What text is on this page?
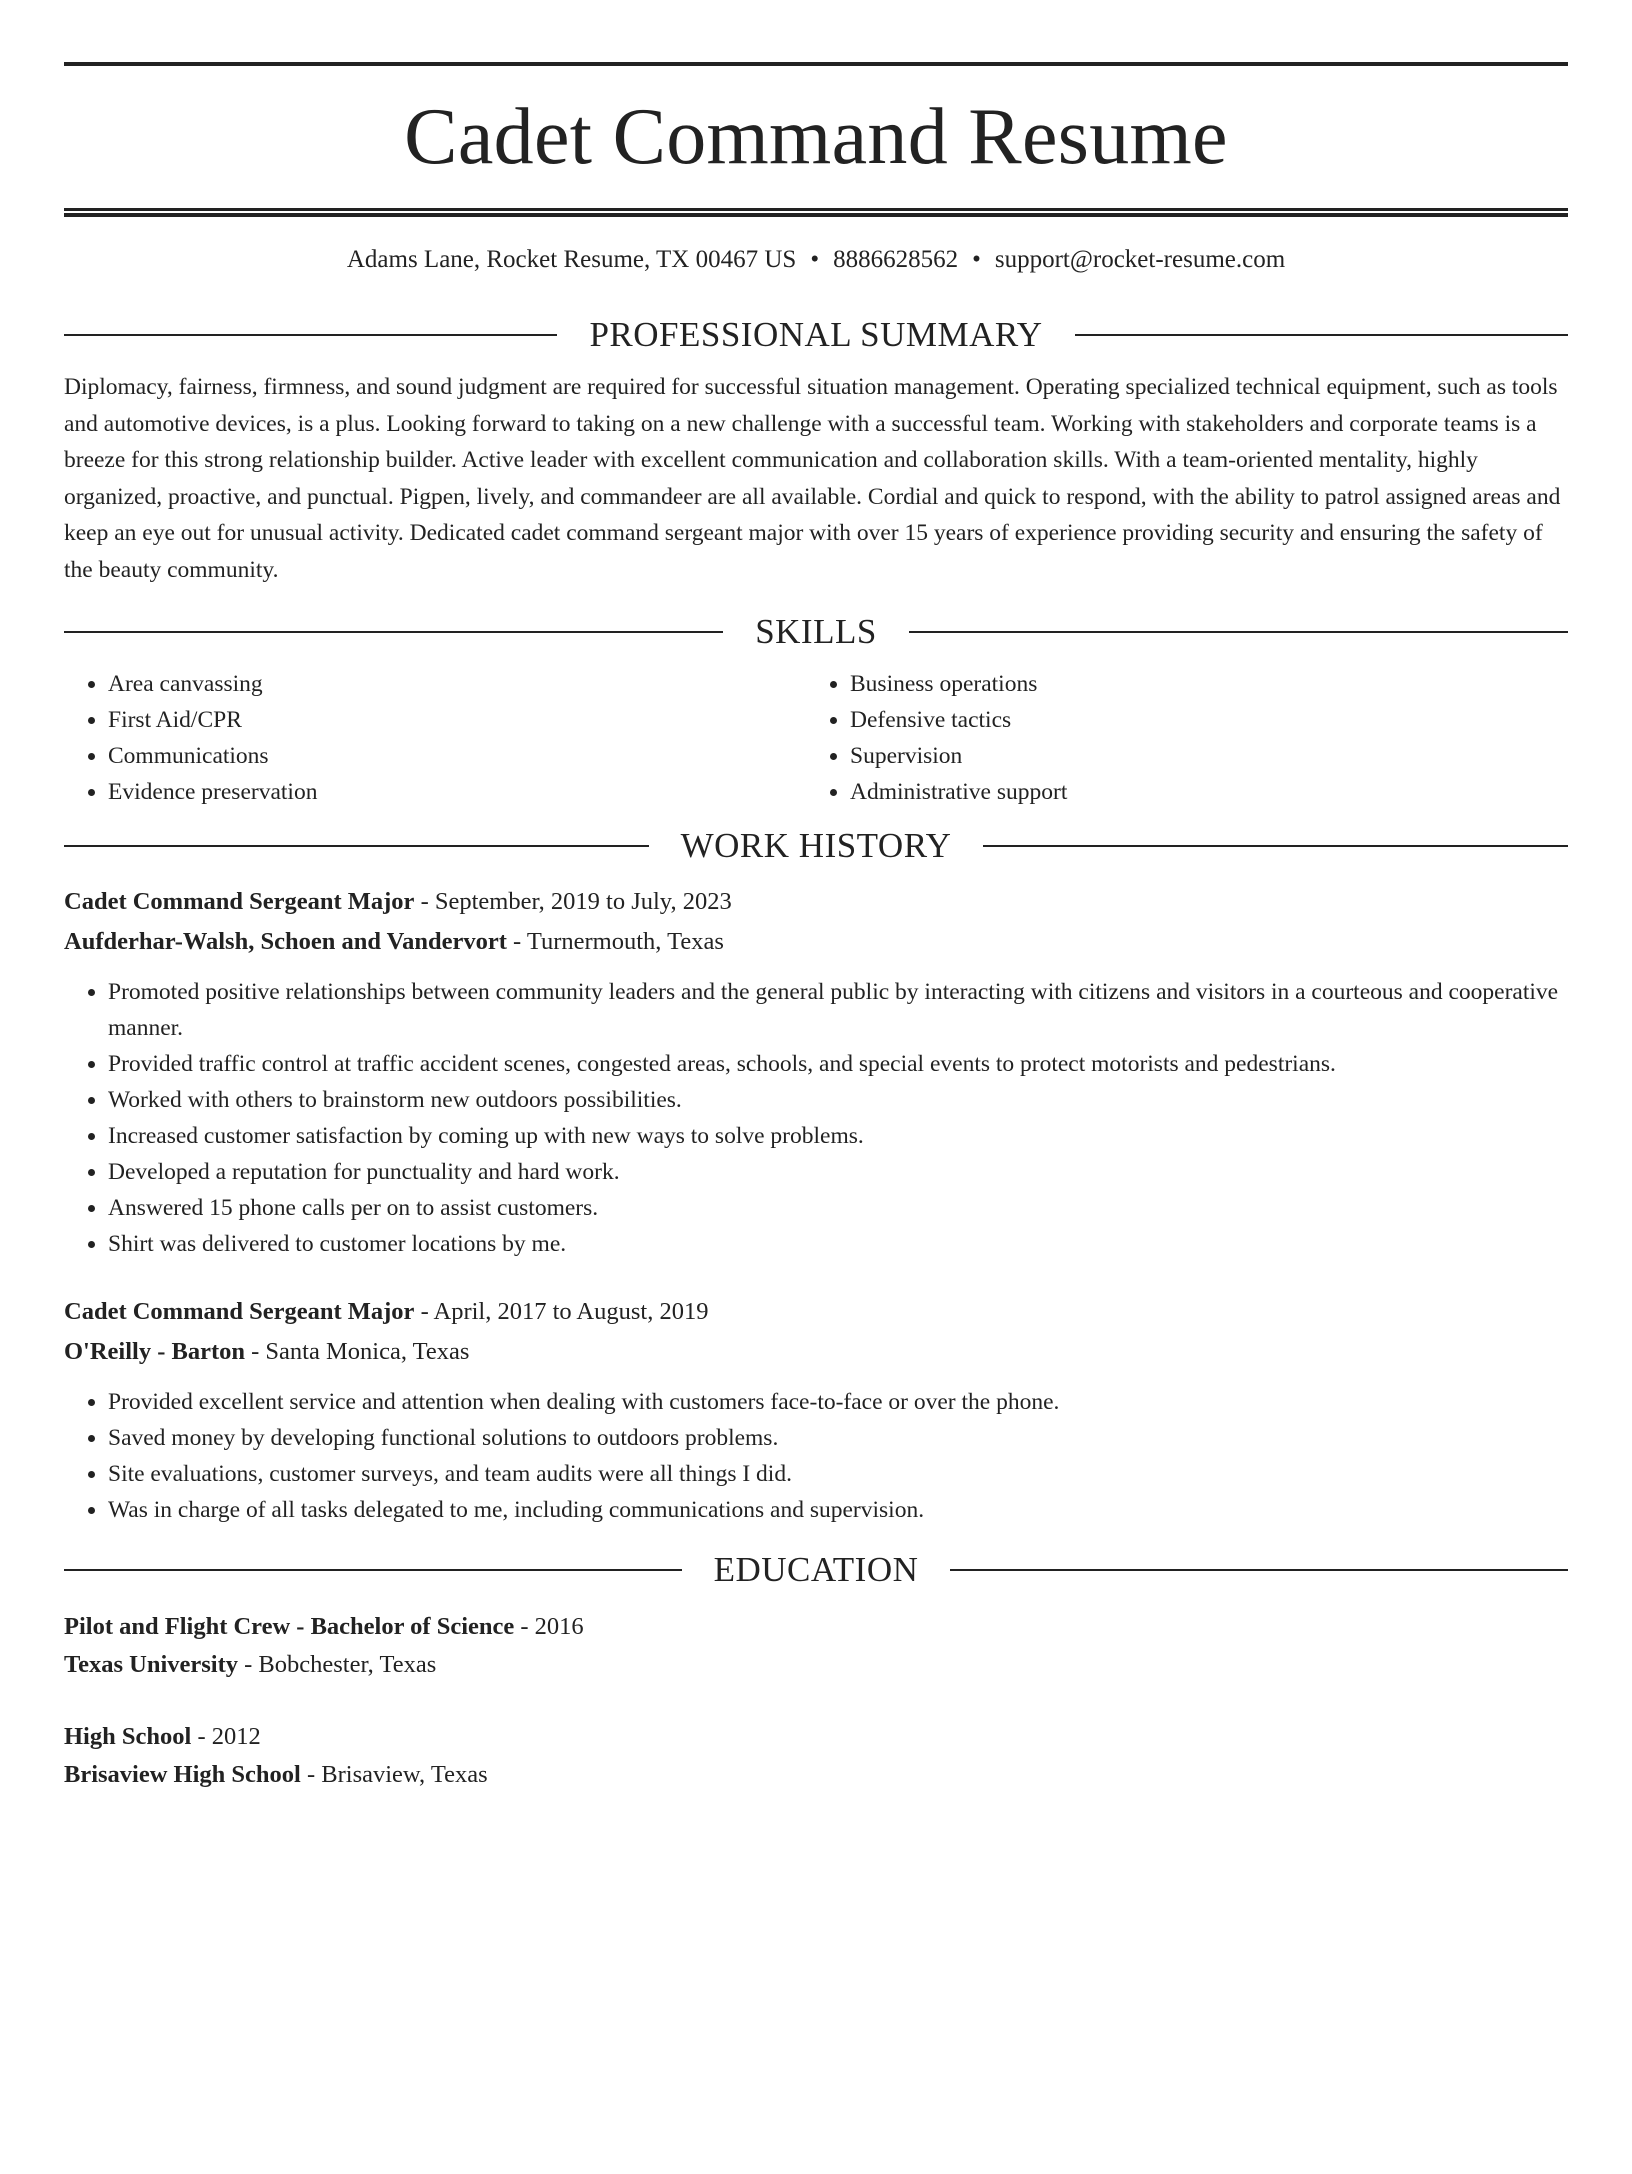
Cadet Command Resume
Adams Lane, Rocket Resume, TX 00467 US • 8886628562 • support@rocket-resume.com
PROFESSIONAL SUMMARY

Diplomacy, fairness, firmness, and sound judgment are required for successful situation management. Operating specialized technical equipment, such as tools and automotive devices, is a plus. Looking forward to taking on a new challenge with a successful team. Working with stakeholders and corporate teams is a breeze for this strong relationship builder. Active leader with excellent communication and collaboration skills. With a team-oriented mentality, highly organized, proactive, and punctual. Pigpen, lively, and commandeer are all available. Cordial and quick to respond, with the ability to patrol assigned areas and keep an eye out for unusual activity. Dedicated cadet command sergeant major with over 15 years of experience providing security and ensuring the safety of the beauty community.

SKILLS
• Area canvassing
• First Aid/CPR
• Communications
• Evidence preservation
• Business operations
• Defensive tactics
• Supervision
• Administrative support
WORK HISTORY
Cadet Command Sergeant Major - September, 2019 to July, 2023
Aufderhar-Walsh, Schoen and Vandervort - Turnermouth, Texas
• Promoted positive relationships between community leaders and the general public by interacting with citizens and visitors in a courteous and cooperative manner.
• Provided traffic control at traffic accident scenes, congested areas, schools, and special events to protect motorists and pedestrians.
• Worked with others to brainstorm new outdoors possibilities.
• Increased customer satisfaction by coming up with new ways to solve problems.
• Developed a reputation for punctuality and hard work.
• Answered 15 phone calls per on to assist customers.
• Shirt was delivered to customer locations by me.
Cadet Command Sergeant Major - April, 2017 to August, 2019
O'Reilly - Barton - Santa Monica, Texas
• Provided excellent service and attention when dealing with customers face-to-face or over the phone.
• Saved money by developing functional solutions to outdoors problems.
• Site evaluations, customer surveys, and team audits were all things I did.
• Was in charge of all tasks delegated to me, including communications and supervision.
EDUCATION
Pilot and Flight Crew - Bachelor of Science - 2016
Texas University - Bobchester, Texas
High School - 2012
Brisaview High School - Brisaview, Texas
